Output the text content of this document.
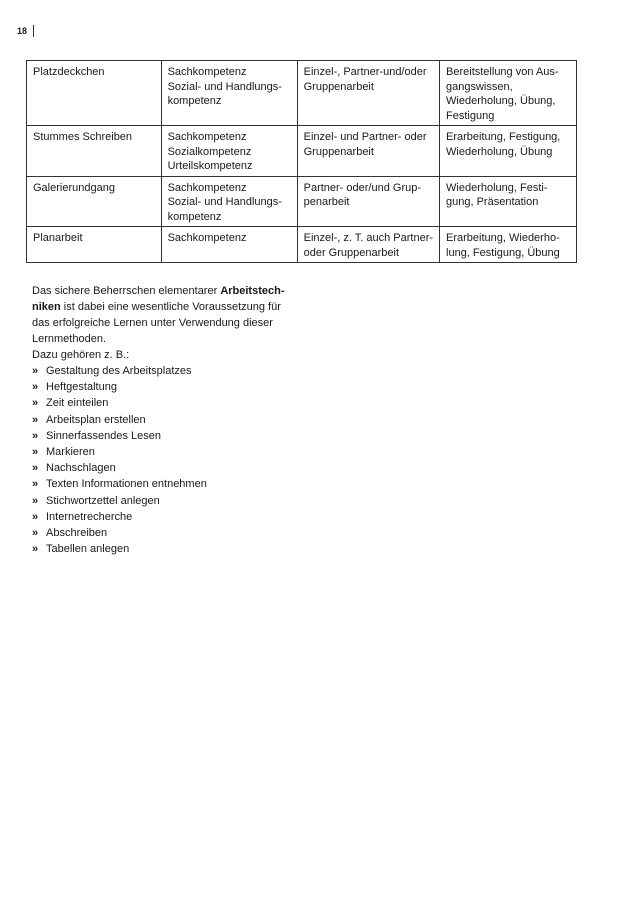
18
Platzdeckchen	Sachkompetenz
Sozial- und Handlungs-
kompetenz	Einzel-, Partner-und/oder
Gruppenarbeit	Bereitstellung von Aus-
gangswissen,
Wiederholung, Übung,
Festigung

Stummes Schreiben	Sachkompetenz
Sozialkompetenz
Urteilskompetenz	Einzel- und Partner- oder
Gruppenarbeit	Erarbeitung, Festigung,
Wiederholung, Übung

Galerierundgang	Sachkompetenz
Sozial- und Handlungs-
kompetenz	Partner- oder/und Grup-
penarbeit	Wiederholung, Festi-
gung, Präsentation

Planarbeit	Sachkompetenz	Einzel-, z. T. auch Partner-
oder Gruppenarbeit	Erarbeitung, Wiederho-
lung, Festigung, Übung

Das sichere Beherrschen elementarer Arbeitstech-
niken ist dabei eine wesentliche Voraussetzung für
das erfolgreiche Lernen unter Verwendung dieser
Lernmethoden.
Dazu gehören z. B.:

» Gestaltung des Arbeitsplatzes
» Heftgestaltung
» Zeit einteilen
» Arbeitsplan erstellen
» Sinnerfassendes Lesen
» Markieren
» Nachschlagen
» Texten Informationen entnehmen
» Stichwortzettel anlegen
» Internetrecherche
» Abschreiben
» Tabellen anlegen
